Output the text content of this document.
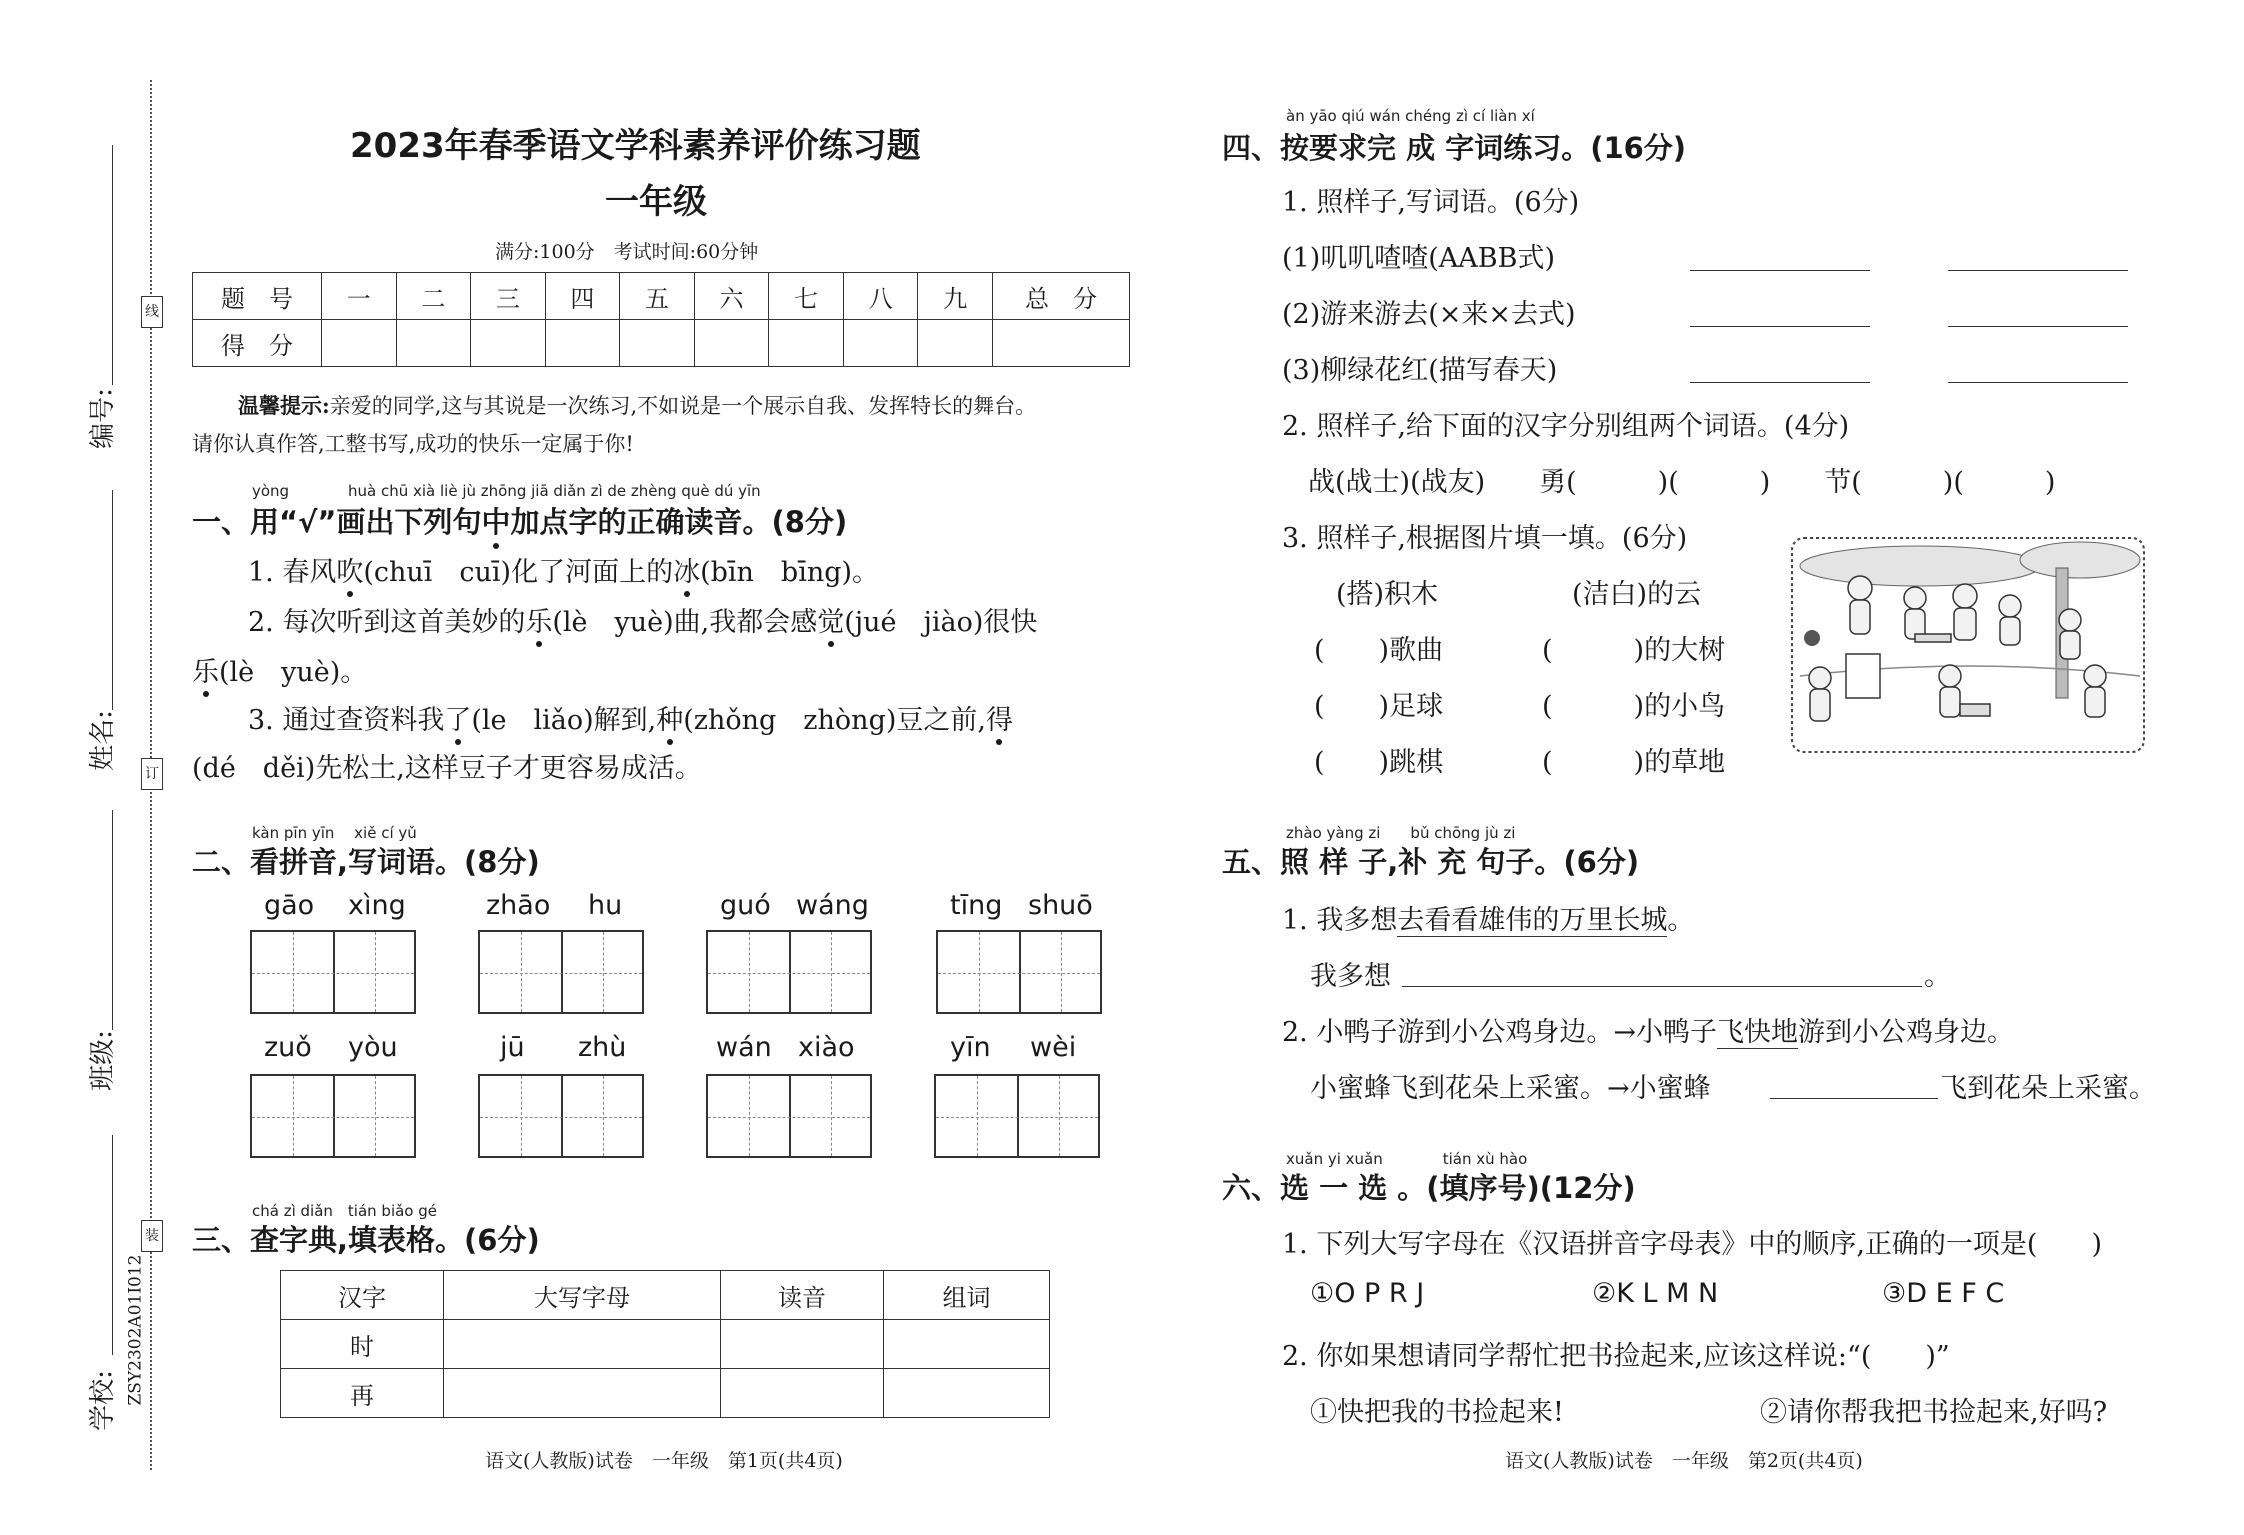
线
订
装
编号:
姓名:
班级:
学校: ZSY2302A01I012
2023年春季语文学科素养评价练习题
一年级
满分:100分　考试时间:60分钟
题　号	一	二	三	四	五	六	七	八	九	总　分
得　分										
温馨提示:亲爱的同学,这与其说是一次练习,不如说是一个展示自我、发挥特长的舞台。
请你认真作答,工整书写,成功的快乐一定属于你!
yòng	huà chū xià liè jù zhōng jiā diǎn zì de zhèng què dú yīn
一、用“√”画出下列句中加点字的正确读音。(8分)
1. 春风吹(chuī　cuī)化了河面上的冰(bīn　bīng)。
2. 每次听到这首美妙的乐(lè　yuè)曲,我都会感觉(jué　jiào)很快
乐(lè　yuè)。
3. 通过查资料我了(le　liǎo)解到,种(zhǒng　zhòng)豆之前,得
(dé　děi)先松土,这样豆子才更容易成活。
kàn pīn yīn　 xiě cí yǔ
二、看拼音,写词语。(8分)
gāo xìng	zhāo hu	guó wáng	tīng shuō
zuǒ yòu	jū zhù	wán xiào	yīn wèi
chá zì diǎn　tián biǎo gé
三、查字典,填表格。(6分)
汉字	大写字母	读音	组词
时			
再			
语文(人教版)试卷　一年级　第1页(共4页)
àn yāo qiú wán chéng zì cí liàn xí
四、按要求完 成 字词练习。(16分)
1. 照样子,写词语。(6分)
(1)叽叽喳喳(AABB式)
(2)游来游去(×来×去式)
(3)柳绿花红(描写春天)
2. 照样子,给下面的汉字分别组两个词语。(4分)
战(战士)(战友)　　勇(　　　)(　　　)　　节(　　　)(　　　)
3. 照样子,根据图片填一填。(6分)
(搭)积木	(洁白)的云
(　　)歌曲	(　　　)的大树
(　　)足球	(　　　)的小鸟
(　　)跳棋	(　　　)的草地
zhào yàng zi　　bǔ chōng jù zi
五、照 样 子,补 充 句子。(6分)
1. 我多想去看看雄伟的万里长城。
我多想	。
2. 小鸭子游到小公鸡身边。→小鸭子飞快地游到小公鸡身边。
小蜜蜂飞到花朵上采蜜。→小蜜蜂	飞到花朵上采蜜。
xuǎn yi xuǎn　　　　tián xù hào
六、选 一 选 。(填序号)(12分)
1. 下列大写字母在《汉语拼音字母表》中的顺序,正确的一项是(　　)
①O P R J	②K L M N	③D E F C
2. 你如果想请同学帮忙把书捡起来,应该这样说:“(　　)”
①快把我的书捡起来!	②请你帮我把书捡起来,好吗?
语文(人教版)试卷　一年级　第2页(共4页)
